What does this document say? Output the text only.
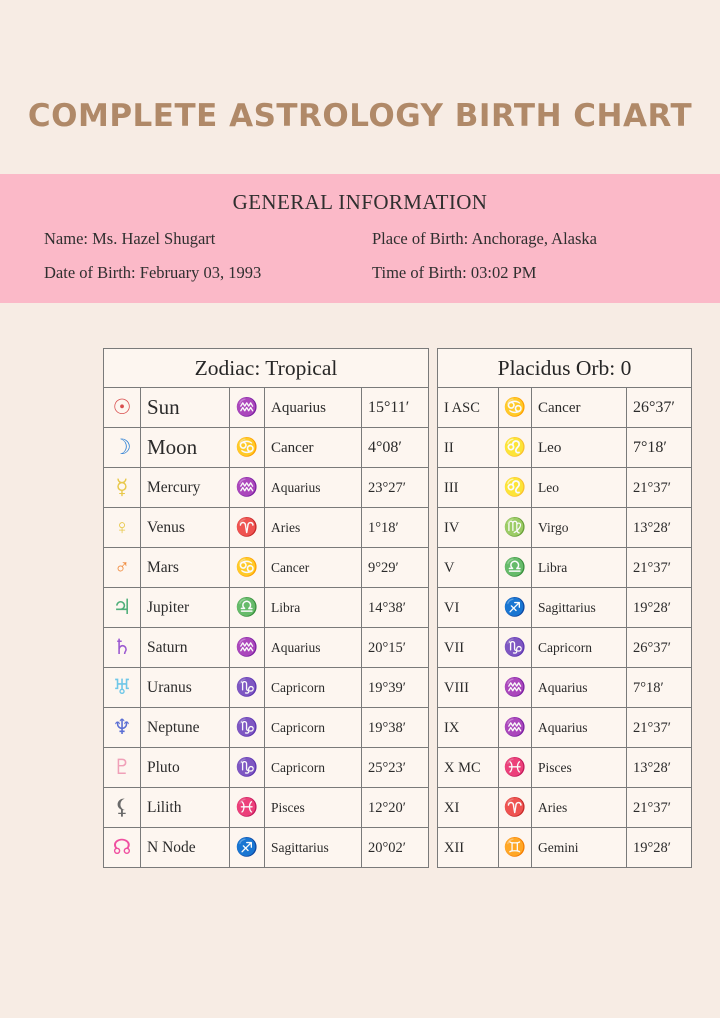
COMPLETE ASTROLOGY BIRTH CHART
GENERAL INFORMATION
Name: Ms. Hazel Shugart
Date of Birth: February 03, 1993
Place of Birth: Anchorage, Alaska
Time of Birth: 03:02 PM
Zodiac: Tropical				
☉	Sun	♒	Aquarius	15°11′
☽	Moon	♋	Cancer	4°08′
☿	Mercury	♒	Aquarius	23°27′
♀	Venus	♈	Aries	1°18′
♂	Mars	♋	Cancer	9°29′
♃	Jupiter	♎	Libra	14°38′
♄	Saturn	♒	Aquarius	20°15′
♅	Uranus	♑	Capricorn	19°39′
♆	Neptune	♑	Capricorn	19°38′
♇	Pluto	♑	Capricorn	25°23′
⚸	Lilith	♓	Pisces	12°20′
☊	N Node	♐	Sagittarius	20°02′
Placidus Orb: 0			
I ASC	♋	Cancer	26°37′
II	♌	Leo	7°18′
III	♌	Leo	21°37′
IV	♍	Virgo	13°28′
V	♎	Libra	21°37′
VI	♐	Sagittarius	19°28′
VII	♑	Capricorn	26°37′
VIII	♒	Aquarius	7°18′
IX	♒	Aquarius	21°37′
X MC	♓	Pisces	13°28′
XI	♈	Aries	21°37′
XII	♊	Gemini	19°28′
